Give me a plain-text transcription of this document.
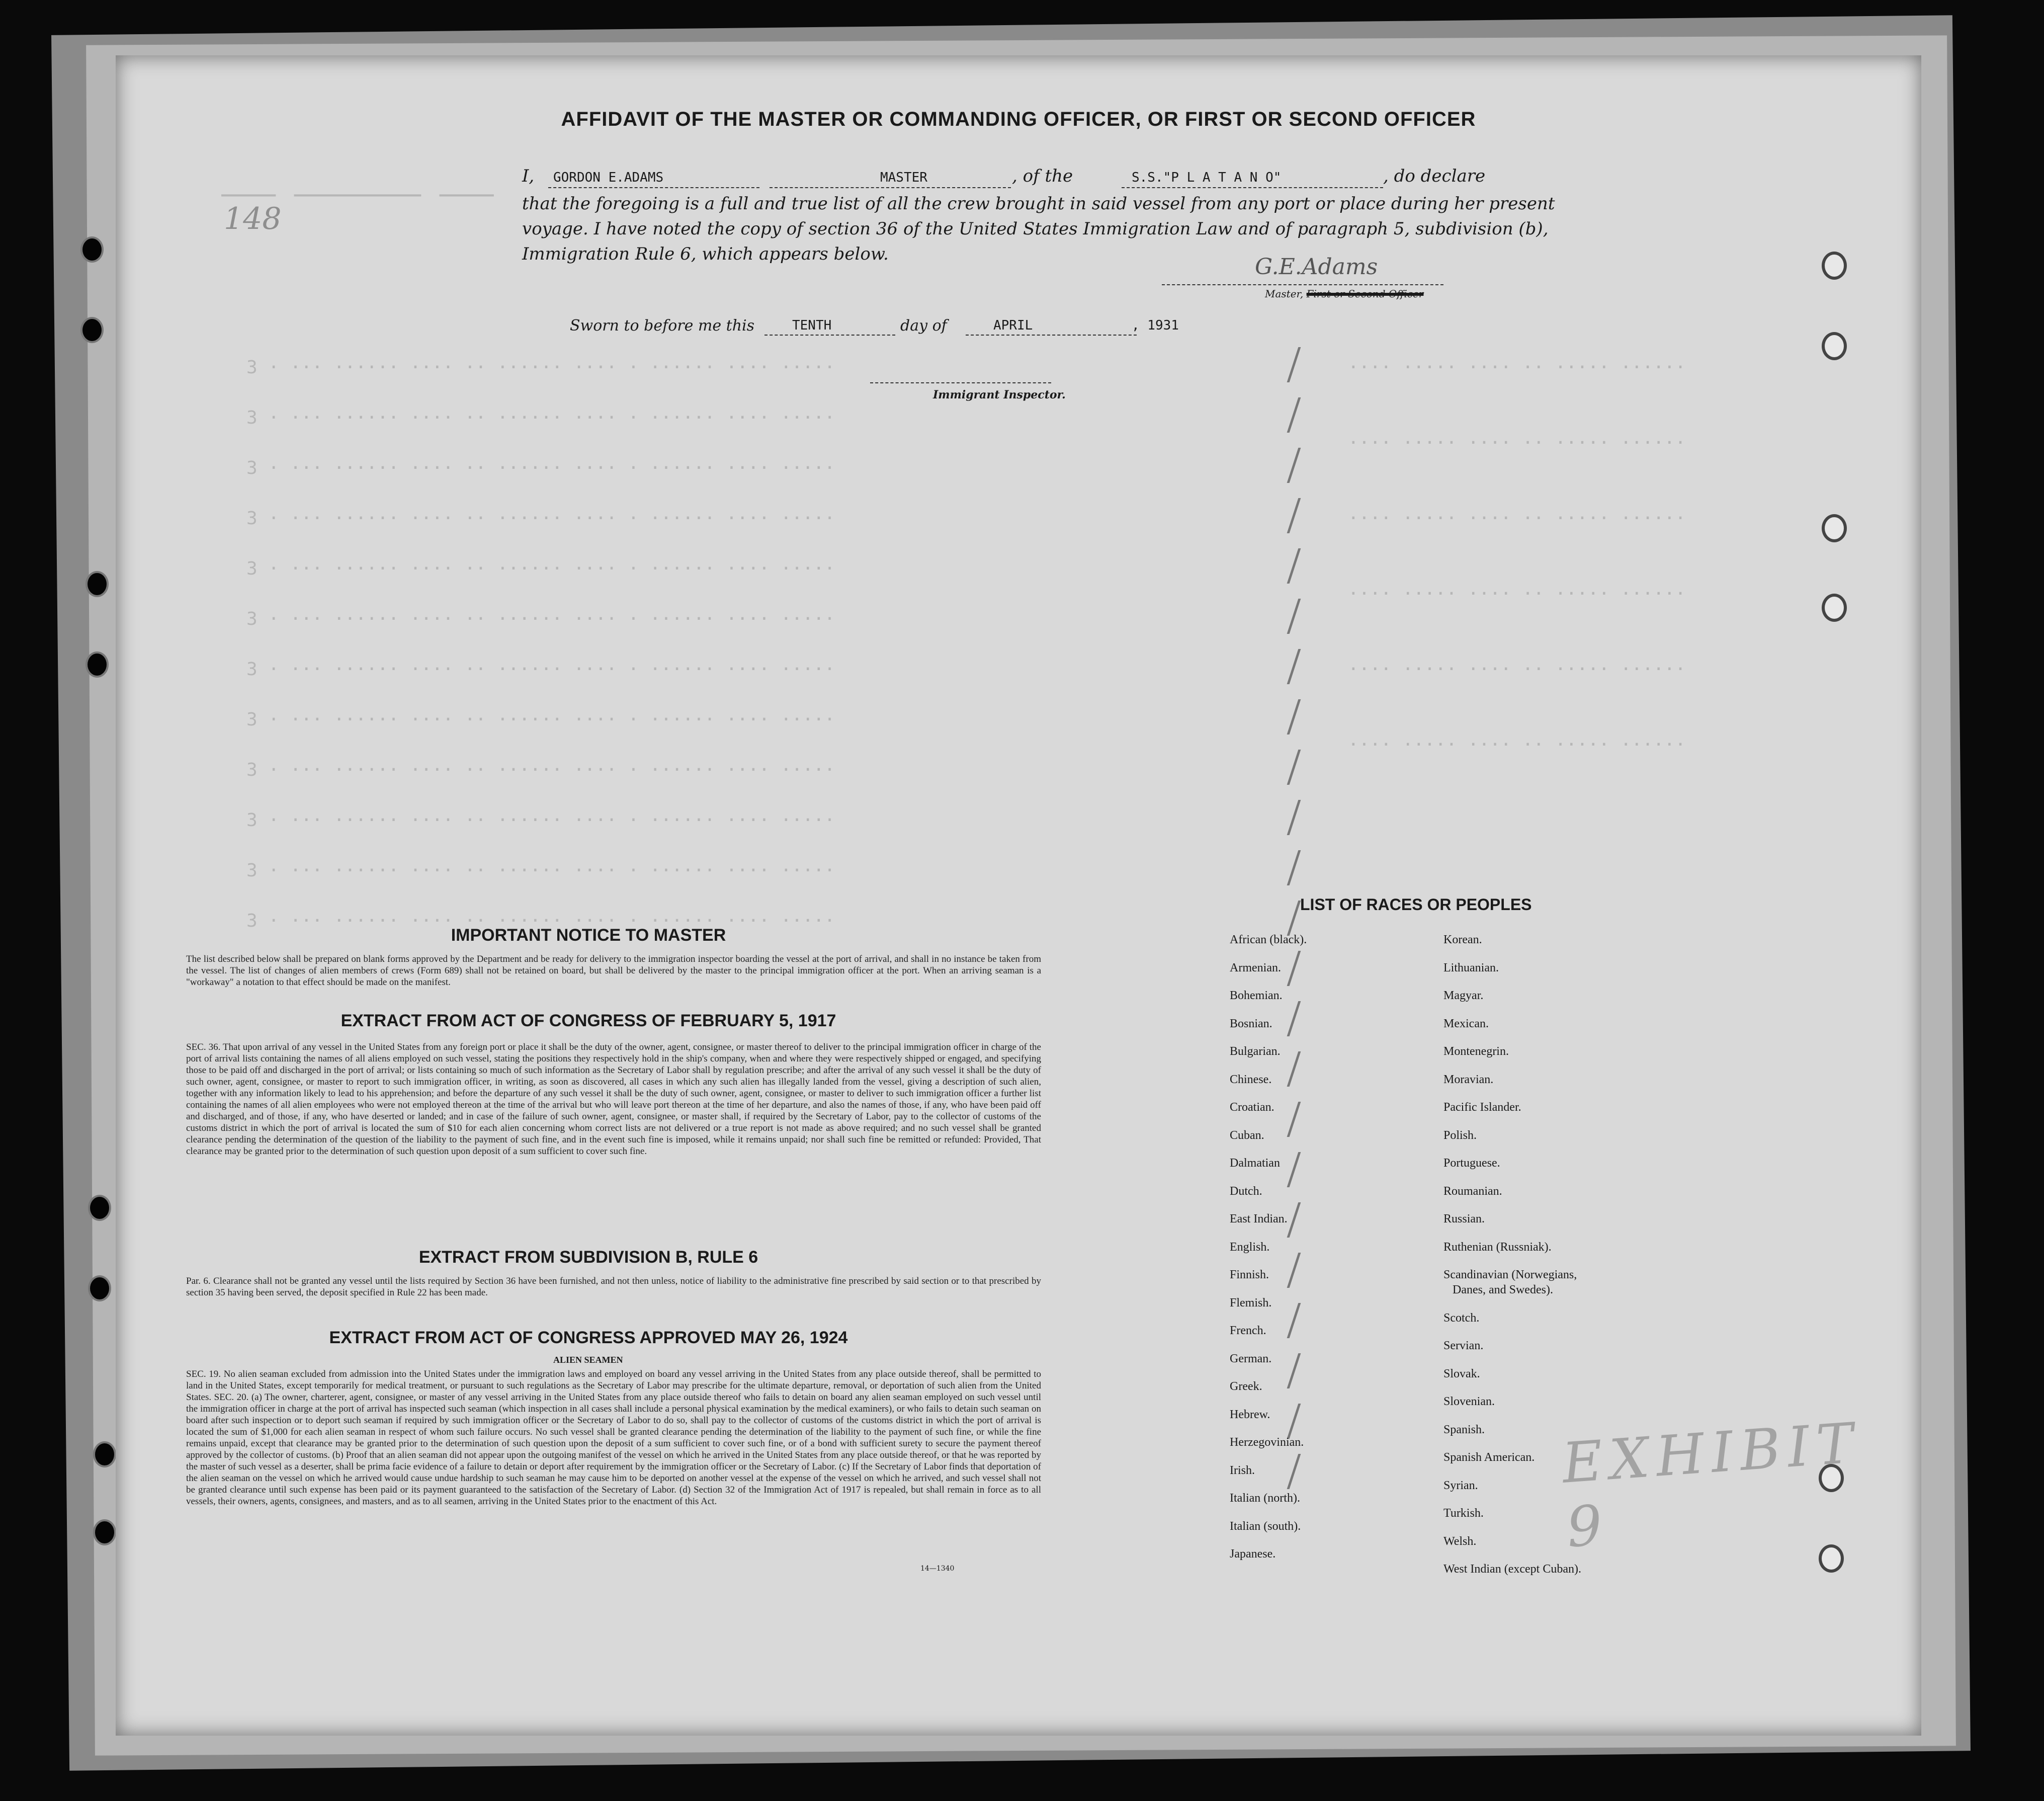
——— ——————— ———
3 · ··· ······ ···· ·· ······ ···· · ······ ···· ·····
3 · ··· ······ ···· ·· ······ ···· · ······ ···· ·····
3 · ··· ······ ···· ·· ······ ···· · ······ ···· ·····
3 · ··· ······ ···· ·· ······ ···· · ······ ···· ·····
3 · ··· ······ ···· ·· ······ ···· · ······ ···· ·····
3 · ··· ······ ···· ·· ······ ···· · ······ ···· ·····
3 · ··· ······ ···· ·· ······ ···· · ······ ···· ·····
3 · ··· ······ ···· ·· ······ ···· · ······ ···· ·····
3 · ··· ······ ···· ·· ······ ···· · ······ ···· ·····
3 · ··· ······ ···· ·· ······ ···· · ······ ···· ·····
3 · ··· ······ ···· ·· ······ ···· · ······ ···· ·····
3 · ··· ······ ···· ·· ······ ···· · ······ ···· ·····
···· ····· ···· ·· ····· ······
···· ····· ···· ·· ····· ······
···· ····· ···· ·· ····· ······
···· ····· ···· ·· ····· ······
···· ····· ···· ·· ····· ······
···· ····· ···· ·· ····· ······
148
EXHIBIT 9
AFFIDAVIT OF THE MASTER OR COMMANDING OFFICER, OR FIRST OR SECOND OFFICER
I, GORDON E.ADAMS	MASTER	, of the	S.S."P L A T A N O"	, do declare
that the foregoing is a full and true list of all the crew brought in said vessel from any port or place during her present
voyage. I have noted the copy of section 36 of the United States Immigration Law and of paragraph 5, subdivision (b),
Immigration Rule 6, which appears below.	G.E.Adams
Master, First or Second Officer
Sworn to before me this	TENTH	day of	APRIL	, 1931
Immigrant Inspector.
IMPORTANT NOTICE TO MASTER
The list described below shall be prepared on blank forms approved by the Department and be ready for delivery to the immigration inspector boarding the vessel at the port of arrival, and shall in no instance be taken from the vessel. The list of changes of alien members of crews (Form 689) shall not be retained on board, but shall be delivered by the master to the principal immigration officer at the port. When an arriving seaman is a "workaway" a notation to that effect should be made on the manifest.
EXTRACT FROM ACT OF CONGRESS OF FEBRUARY 5, 1917
SEC. 36. That upon arrival of any vessel in the United States from any foreign port or place it shall be the duty of the owner, agent, consignee, or master thereof to deliver to the principal immigration officer in charge of the port of arrival lists containing the names of all aliens employed on such vessel, stating the positions they respectively hold in the ship's company, when and where they were respectively shipped or engaged, and specifying those to be paid off and discharged in the port of arrival; or lists containing so much of such information as the Secretary of Labor shall by regulation prescribe; and after the arrival of any such vessel it shall be the duty of such owner, agent, consignee, or master to report to such immigration officer, in writing, as soon as discovered, all cases in which any such alien has illegally landed from the vessel, giving a description of such alien, together with any information likely to lead to his apprehension; and before the departure of any such vessel it shall be the duty of such owner, agent, consignee, or master to deliver to such immigration officer a further list containing the names of all alien employees who were not employed thereon at the time of the arrival but who will leave port thereon at the time of her departure, and also the names of those, if any, who have been paid off and discharged, and of those, if any, who have deserted or landed; and in case of the failure of such owner, agent, consignee, or master shall, if required by the Secretary of Labor, pay to the collector of customs of the customs district in which the port of arrival is located the sum of $10 for each alien concerning whom correct lists are not delivered or a true report is not made as above required; and no such vessel shall be granted clearance pending the determination of the question of the liability to the payment of such fine, and in the event such fine is imposed, while it remains unpaid; nor shall such fine be remitted or refunded: Provided, That clearance may be granted prior to the determination of such question upon deposit of a sum sufficient to cover such fine.
EXTRACT FROM SUBDIVISION B, RULE 6
Par. 6. Clearance shall not be granted any vessel until the lists required by Section 36 have been furnished, and not then unless, notice of liability to the administrative fine prescribed by said section or to that prescribed by section 35 having been served, the deposit specified in Rule 22 has been made.
EXTRACT FROM ACT OF CONGRESS APPROVED MAY 26, 1924
ALIEN SEAMEN
SEC. 19. No alien seaman excluded from admission into the United States under the immigration laws and employed on board any vessel arriving in the United States from any place outside thereof, shall be permitted to land in the United States, except temporarily for medical treatment, or pursuant to such regulations as the Secretary of Labor may prescribe for the ultimate departure, removal, or deportation of such alien from the United States. SEC. 20. (a) The owner, charterer, agent, consignee, or master of any vessel arriving in the United States from any place outside thereof who fails to detain on board any alien seaman employed on such vessel until the immigration officer in charge at the port of arrival has inspected such seaman (which inspection in all cases shall include a personal physical examination by the medical examiners), or who fails to detain such seaman on board after such inspection or to deport such seaman if required by such immigration officer or the Secretary of Labor to do so, shall pay to the collector of customs of the customs district in which the port of arrival is located the sum of $1,000 for each alien seaman in respect of whom such failure occurs. No such vessel shall be granted clearance pending the determination of the liability to the payment of such fine, or while the fine remains unpaid, except that clearance may be granted prior to the determination of such question upon the deposit of a sum sufficient to cover such fine, or of a bond with sufficient surety to secure the payment thereof approved by the collector of customs. (b) Proof that an alien seaman did not appear upon the outgoing manifest of the vessel on which he arrived in the United States from any place outside thereof, or that he was reported by the master of such vessel as a deserter, shall be prima facie evidence of a failure to detain or deport after requirement by the immigration officer or the Secretary of Labor. (c) If the Secretary of Labor finds that deportation of the alien seaman on the vessel on which he arrived would cause undue hardship to such seaman he may cause him to be deported on another vessel at the expense of the vessel on which he arrived, and such vessel shall not be granted clearance until such expense has been paid or its payment guaranteed to the satisfaction of the Secretary of Labor. (d) Section 32 of the Immigration Act of 1917 is repealed, but shall remain in force as to all vessels, their owners, agents, consignees, and masters, and as to all seamen, arriving in the United States prior to the enactment of this Act.
14—1340
LIST OF RACES OR PEOPLES
African (black).
Armenian.
Bohemian.
Bosnian.
Bulgarian.
Chinese.
Croatian.
Cuban.
Dalmatian
Dutch.
East Indian.
English.
Finnish.
Flemish.
French.
German.
Greek.
Hebrew.
Herzegovinian.
Irish.
Italian (north).
Italian (south).
Japanese.
Korean.
Lithuanian.
Magyar.
Mexican.
Montenegrin.
Moravian.
Pacific Islander.
Polish.
Portuguese.
Roumanian.
Russian.
Ruthenian (Russniak).
Scandinavian (Norwegians,
Danes, and Swedes).
Scotch.
Servian.
Slovak.
Slovenian.
Spanish.
Spanish American.
Syrian.
Turkish.
Welsh.
West Indian (except Cuban).
